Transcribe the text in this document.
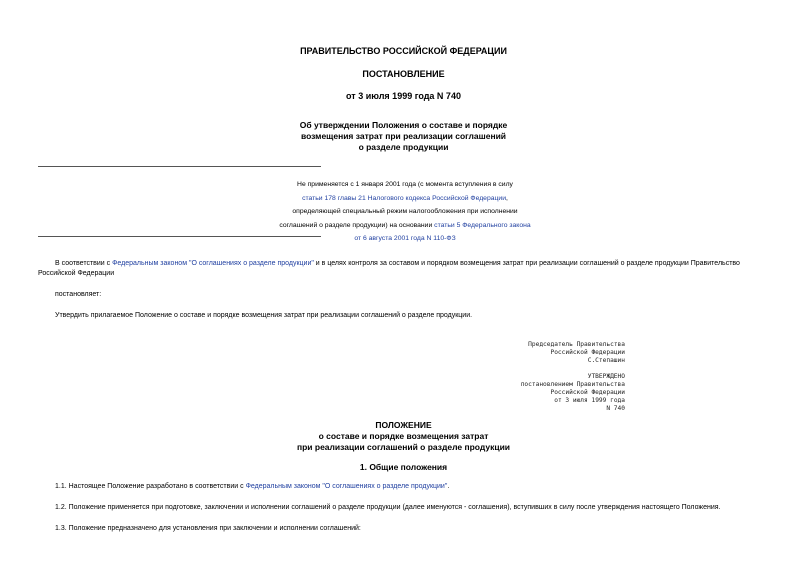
ПРАВИТЕЛЬСТВО РОССИЙСКОЙ ФЕДЕРАЦИИ
ПОСТАНОВЛЕНИЕ
от 3 июля 1999 года N 740
Об утверждении Положения о составе и порядке
возмещения затрат при реализации соглашений
о разделе продукции
Не применяется с 1 января 2001 года (с момента вступления в силу
статьи 178 главы 21 Налогового кодекса Российской Федерации,
определяющей специальный режим налогообложения при исполнении
соглашений о разделе продукции) на основании статьи 5 Федерального закона
от 6 августа 2001 года N 110-ФЗ
В соответствии с Федеральным законом "О соглашениях о разделе продукции" и в целях контроля за составом и порядком возмещения затрат при реализации соглашений о разделе продукции Правительство Российской Федерации
постановляет:
Утвердить прилагаемое Положение о составе и порядке возмещения затрат при реализации соглашений о разделе продукции.
Председатель Правительства
Российской Федерации
С.Степашин
УТВЕРЖДЕНО
постановлением Правительства
Российской Федерации
от 3 июля 1999 года
N 740
ПОЛОЖЕНИЕ
о составе и порядке возмещения затрат
при реализации соглашений о разделе продукции
1. Общие положения
1.1. Настоящее Положение разработано в соответствии с Федеральным законом "О соглашениях о разделе продукции".
1.2. Положение применяется при подготовке, заключении и исполнении соглашений о разделе продукции (далее именуются - соглашения), вступивших в силу после утверждения настоящего Положения.
1.3. Положение предназначено для установления при заключении и исполнении соглашений:
